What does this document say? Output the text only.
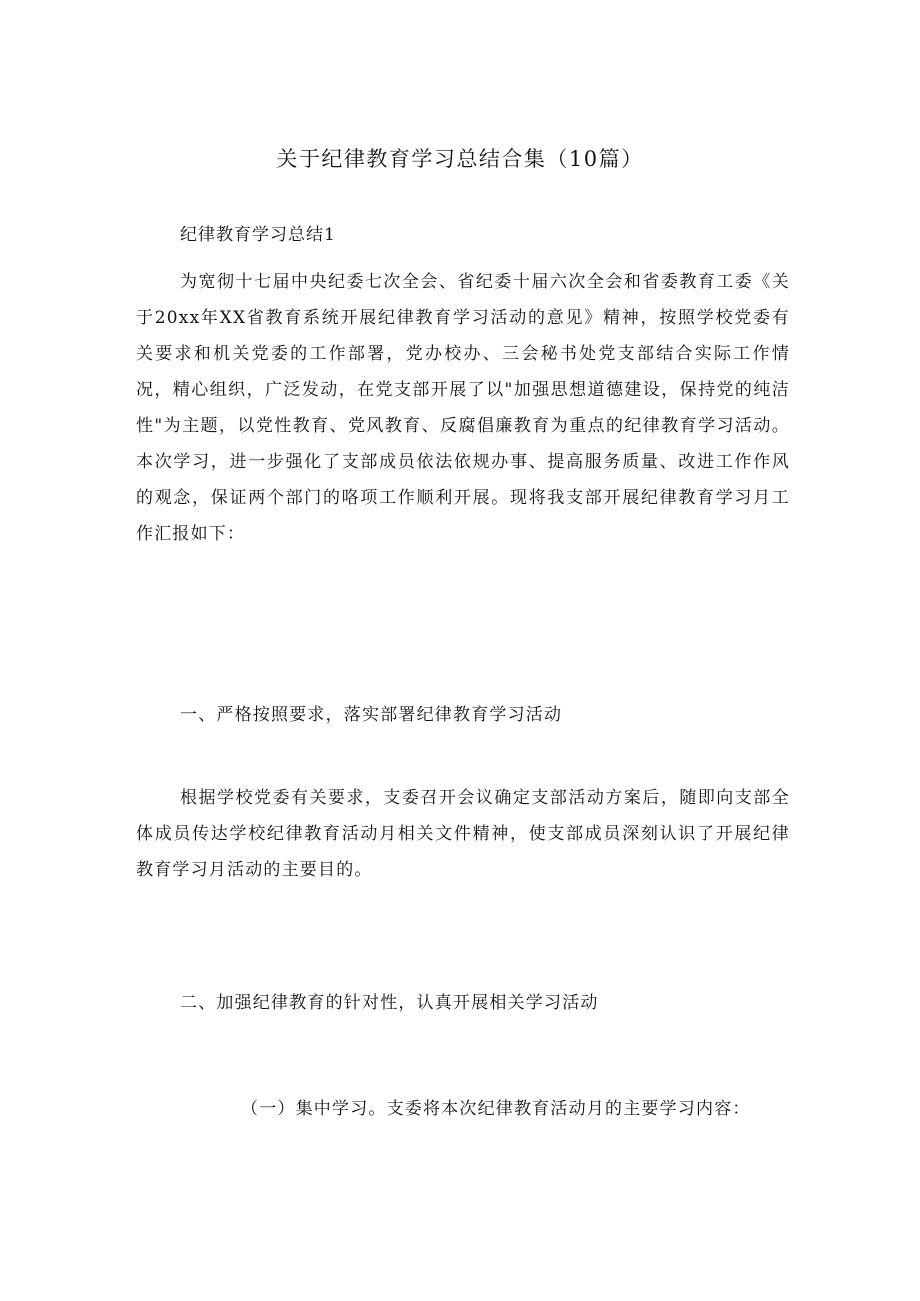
关于纪律教育学习总结合集（10篇）
纪律教育学习总结1

为宽彻十七届中央纪委七次全会、省纪委十届六次全会和省委教育工委《关于20xx年XX省教育系统开展纪律教育学习活动的意见》精神，按照学校党委有关要求和机关党委的工作部署，党办校办、三会秘书处党支部结合实际工作情况，精心组织，广泛发动，在党支部开展了以"加强思想道德建设，保持党的纯洁性"为主题，以党性教育、党风教育、反腐倡廉教育为重点的纪律教育学习活动。本次学习，进一步强化了支部成员依法依规办事、提高服务质量、改进工作作风的观念，保证两个部门的咯项工作顺利开展。现将我支部开展纪律教育学习月工作汇报如下：

一、严格按照要求，落实部署纪律教育学习活动

根据学校党委有关要求，支委召开会议确定支部活动方案后，随即向支部全体成员传达学校纪律教育活动月相关文件精神，使支部成员深刻认识了开展纪律教育学习月活动的主要目的。

二、加强纪律教育的针对性，认真开展相关学习活动
（一）集中学习。支委将本次纪律教育活动月的主要学习内容：
